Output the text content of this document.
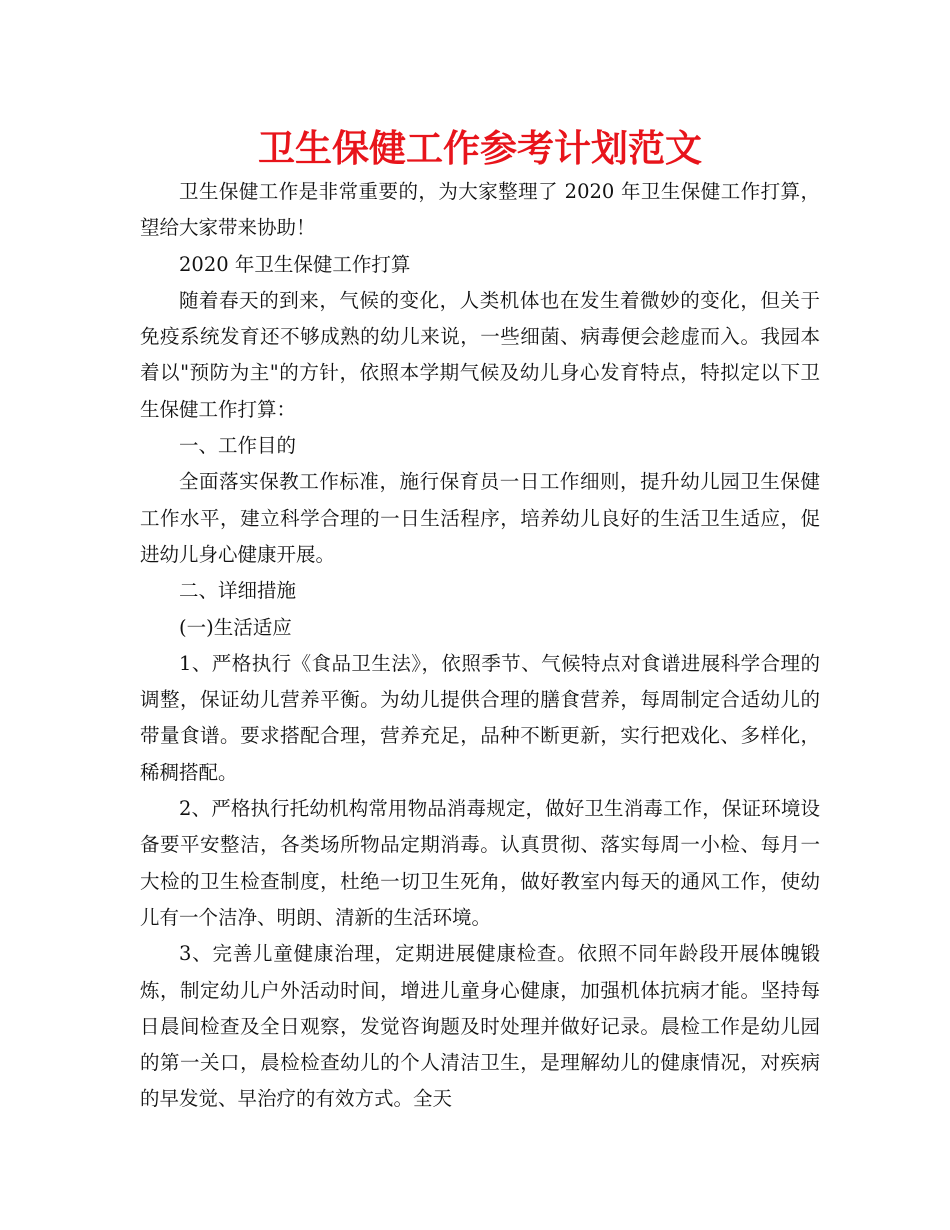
卫生保健工作参考计划范文

卫生保健工作是非常重要的，为大家整理了 2020 年卫生保健工作打算，望给大家带来协助！

2020 年卫生保健工作打算

随着春天的到来，气候的变化，人类机体也在发生着微妙的变化，但关于免疫系统发育还不够成熟的幼儿来说，一些细菌、病毒便会趁虚而入。我园本着以"预防为主"的方针，依照本学期气候及幼儿身心发育特点，特拟定以下卫生保健工作打算：

一、工作目的

全面落实保教工作标准，施行保育员一日工作细则，提升幼儿园卫生保健工作水平，建立科学合理的一日生活程序，培养幼儿良好的生活卫生适应，促进幼儿身心健康开展。

二、详细措施

(一)生活适应

1、严格执行《食品卫生法》，依照季节、气候特点对食谱进展科学合理的调整，保证幼儿营养平衡。为幼儿提供合理的膳食营养，每周制定合适幼儿的带量食谱。要求搭配合理，营养充足，品种不断更新，实行把戏化、多样化，稀稠搭配。

2、严格执行托幼机构常用物品消毒规定，做好卫生消毒工作，保证环境设备要平安整洁，各类场所物品定期消毒。认真贯彻、落实每周一小检、每月一大检的卫生检查制度，杜绝一切卫生死角，做好教室内每天的通风工作，使幼儿有一个洁净、明朗、清新的生活环境。

3、完善儿童健康治理，定期进展健康检查。依照不同年龄段开展体魄锻炼，制定幼儿户外活动时间，增进儿童身心健康，加强机体抗病才能。坚持每日晨间检查及全日观察，发觉咨询题及时处理并做好记录。晨检工作是幼儿园的第一关口，晨检检查幼儿的个人清洁卫生，是理解幼儿的健康情况，对疾病的早发觉、早治疗的有效方式。全天
